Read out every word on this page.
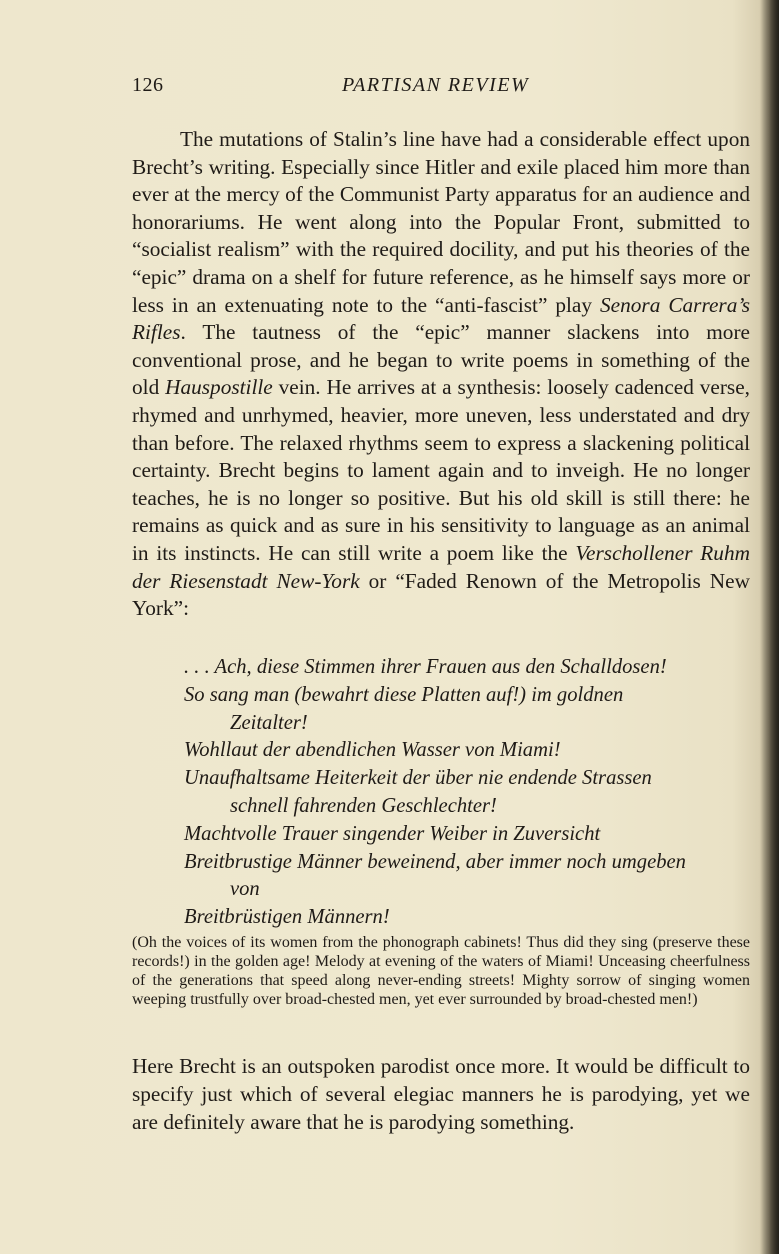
126	PARTISAN REVIEW

The mutations of Stalin’s line have had a considerable effect upon Brecht’s writing. Especially since Hitler and exile placed him more than ever at the mercy of the Communist Party apparatus for an audience and honorariums. He went along into the Popular Front, submitted to “socialist realism” with the required docility, and put his theories of the “epic” drama on a shelf for future reference, as he himself says more or less in an extenuating note to the “anti-fascist” play Senora Carrera’s Rifles. The tautness of the “epic” manner slackens into more conventional prose, and he began to write poems in something of the old Hauspostille vein. He arrives at a synthesis: loosely cadenced verse, rhymed and unrhymed, heavier, more uneven, less understated and dry than before. The relaxed rhythms seem to express a slackening political certainty. Brecht begins to lament again and to inveigh. He no longer teaches, he is no longer so positive. But his old skill is still there: he remains as quick and as sure in his sensitivity to language as an animal in its instincts. He can still write a poem like the Verschollener Ruhm der Riesenstadt New-York or “Faded Renown of the Metropolis New York”:

. . . Ach, diese Stimmen ihrer Frauen aus den Schalldosen!
So sang man (bewahrt diese Platten auf!) im goldnen
Zeitalter!
Wohllaut der abendlichen Wasser von Miami!
Unaufhaltsame Heiterkeit der über nie endende Strassen
schnell fahrenden Geschlechter!
Machtvolle Trauer singender Weiber in Zuversicht
Breitbrustige Männer beweinend, aber immer noch umgeben
von
Breitbrüstigen Männern!
(Oh the voices of its women from the phonograph cabinets! Thus did they sing (preserve these records!) in the golden age! Melody at evening of the waters of Miami! Unceasing cheerfulness of the generations that speed along never-ending streets! Mighty sorrow of singing women weeping trustfully over broad-chested men, yet ever surrounded by broad-chested men!)
Here Brecht is an outspoken parodist once more. It would be difficult to specify just which of several elegiac manners he is parodying, yet we are definitely aware that he is parodying something.
